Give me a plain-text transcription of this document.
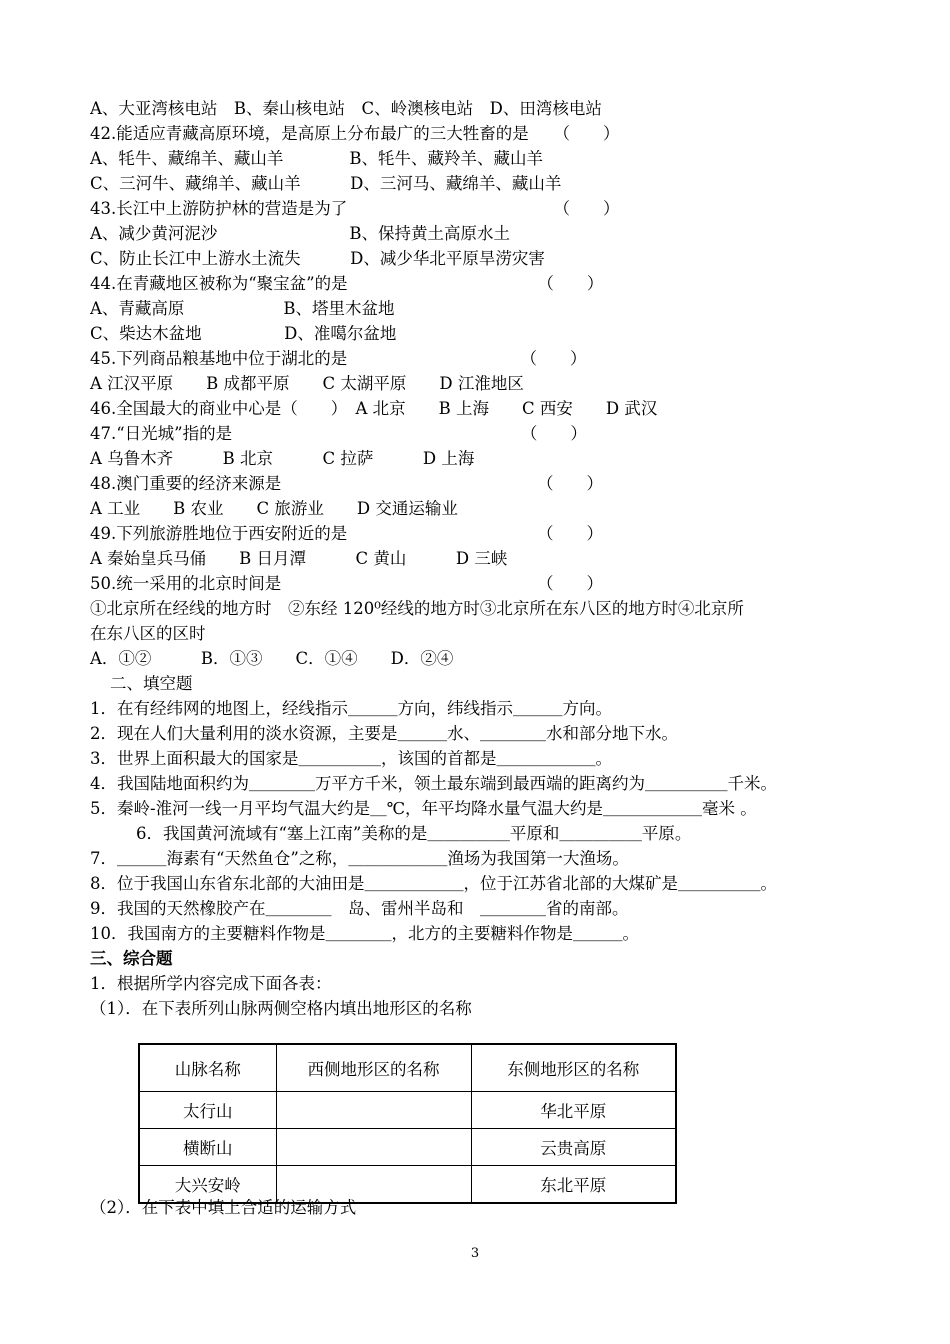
A、大亚湾核电站　B、秦山核电站　C、岭澳核电站　D、田湾核电站
42.能适应青藏高原环境，是高原上分布最广的三大牲畜的是　　（　　）
A、牦牛、藏绵羊、藏山羊　　　　B、牦牛、藏羚羊、藏山羊
C、三河牛、藏绵羊、藏山羊　　　D、三河马、藏绵羊、藏山羊
43.长江中上游防护林的营造是为了　　　　　　　　　　　　　（　　）
A、减少黄河泥沙　　　　　　　　B、保持黄土高原水土
C、防止长江中上游水土流失　　　D、减少华北平原旱涝灾害
44.在青藏地区被称为“聚宝盆”的是　　　　　　　　　　　　（　　）
A、青藏高原　　　　　　B、塔里木盆地
C、柴达木盆地　　　　　D、准噶尔盆地
45.下列商品粮基地中位于湖北的是　　　　　　　　　　　（　　）
A 江汉平原　　B 成都平原　　C 太湖平原　　D 江淮地区
46.全国最大的商业中心是（　　）　A 北京　　B 上海　　C 西安　　D 武汉
47.“日光城”指的是　　　　　　　　　　　　　　　　　　（　　）
A 乌鲁木齐　　　B 北京　　　C 拉萨　　　D 上海
48.澳门重要的经济来源是　　　　　　　　　　　　　　　　（　　）
A 工业　　B 农业　　C 旅游业　　D 交通运输业
49.下列旅游胜地位于西安附近的是　　　　　　　　　　　　（　　）
A 秦始皇兵马俑　　B 日月潭　　　C 黄山　　　D 三峡
50.统一采用的北京时间是　　　　　　　　　　　　　　　　（　　）
①北京所在经线的地方时　②东经 120⁰经线的地方时③北京所在东八区的地方时④北京所
在东八区的区时
A．①②　　　B．①③　　C．①④　　D．②④
二、填空题
1．在有经纬网的地图上，经线指示＿＿＿方向，纬线指示＿＿＿方向。
2．现在人们大量利用的淡水资源，主要是＿＿＿水、＿＿＿＿水和部分地下水。
3．世界上面积最大的国家是＿＿＿＿＿，该国的首都是＿＿＿＿＿＿。
4．我国陆地面积约为＿＿＿＿万平方千米，领土最东端到最西端的距离约为＿＿＿＿＿千米。
5．秦岭-淮河一线一月平均气温大约是＿℃，年平均降水量气温大约是＿＿＿＿＿＿毫米 。
6．我国黄河流域有“塞上江南”美称的是＿＿＿＿＿平原和＿＿＿＿＿平原。
7．＿＿＿海素有“天然鱼仓”之称，＿＿＿＿＿＿渔场为我国第一大渔场。
8．位于我国山东省东北部的大油田是＿＿＿＿＿＿，位于江苏省北部的大煤矿是＿＿＿＿＿。
9．我国的天然橡胶产在＿＿＿＿　岛、雷州半岛和　＿＿＿＿省的南部。
10．我国南方的主要糖料作物是＿＿＿＿，北方的主要糖料作物是＿＿＿。
三、综合题
1．根据所学内容完成下面各表：
（1）．在下表所列山脉两侧空格内填出地形区的名称
山脉名称	西侧地形区的名称	东侧地形区的名称
太行山		华北平原
横断山		云贵高原
大兴安岭		东北平原
（2）．在下表中填上合适的运输方式
3
